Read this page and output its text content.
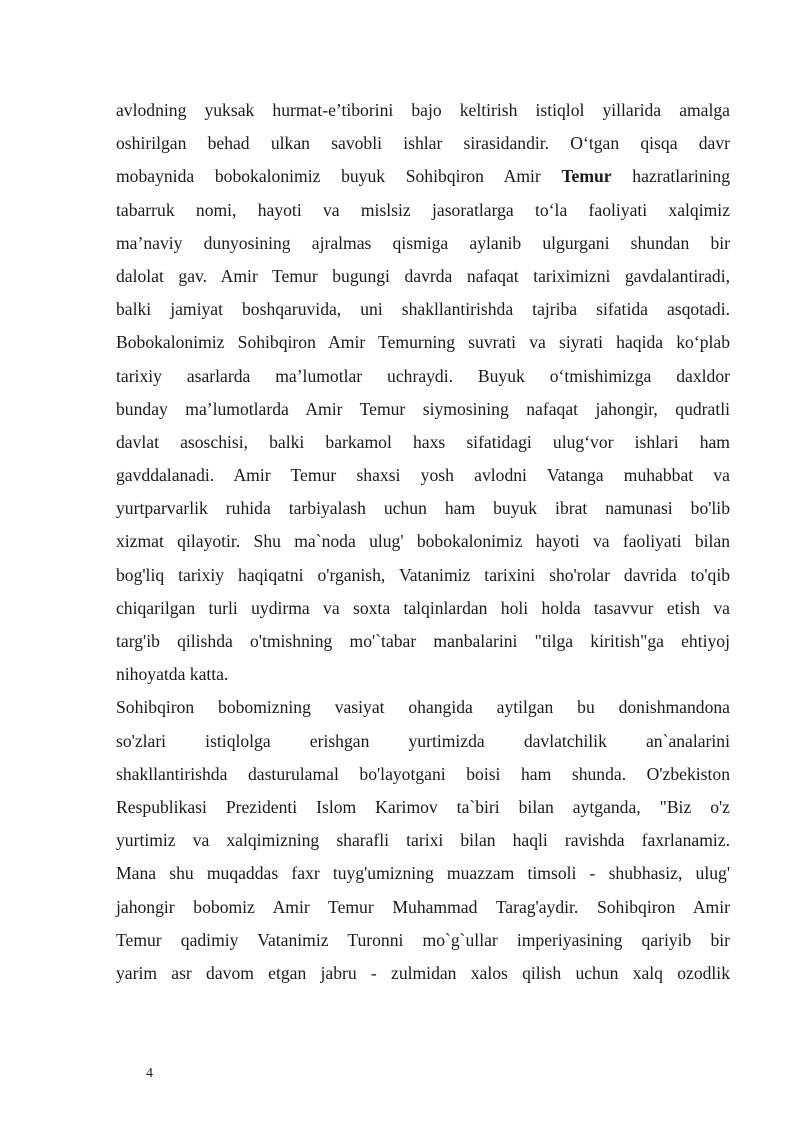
avlodning yuksak hurmat-e’tiborini bajo keltirish istiqlol yillarida amalga
oshirilgan behad ulkan savobli ishlar sirasidandir. O‘tgan qisqa davr
mobaynida bobokalonimiz buyuk Sohibqiron Amir Temur hazratlarining
tabarruk nomi, hayoti va mislsiz jasoratlarga to‘la faoliyati xalqimiz
ma’naviy dunyosining ajralmas qismiga aylanib ulgurgani shundan bir
dalolat gav. Amir Temur bugungi davrda nafaqat tariximizni gavdalantiradi,
balki jamiyat boshqaruvida, uni shakllantirishda tajriba sifatida asqotadi.
Bobokalonimiz Sohibqiron Amir Temurning suvrati va siyrati haqida ko‘plab
tarixiy asarlarda ma’lumotlar uchraydi. Buyuk o‘tmishimizga daxldor
bunday ma’lumotlarda Amir Temur siymosining nafaqat jahongir, qudratli
davlat asoschisi, balki barkamol haxs sifatidagi ulug‘vor ishlari ham
gavddalanadi. Amir Temur shaxsi yosh avlodni Vatanga muhabbat va
yurtparvarlik ruhida tarbiyalash uchun ham buyuk ibrat namunasi bo'lib
xizmat qilayotir. Shu ma`noda ulug' bobokalonimiz hayoti va faoliyati bilan
bog'liq tarixiy haqiqatni o'rganish, Vatanimiz tarixini sho'rolar davrida to'qib
chiqarilgan turli uydirma va soxta talqinlardan holi holda tasavvur etish va
targ'ib qilishda o'tmishning mo'`tabar manbalarini "tilga kiritish"ga ehtiyoj
nihoyatda katta.
Sohibqiron bobomizning vasiyat ohangida aytilgan bu donishmandona
so'zlari istiqlolga erishgan yurtimizda davlatchilik an`analarini
shakllantirishda dasturulamal bo'layotgani boisi ham shunda. O'zbekiston
Respublikasi Prezidenti Islom Karimov ta`biri bilan aytganda, "Biz o'z
yurtimiz va xalqimizning sharafli tarixi bilan haqli ravishda faxrlanamiz.
Mana shu muqaddas faxr tuyg'umizning muazzam timsoli - shubhasiz, ulug'
jahongir bobomiz Amir Temur Muhammad Tarag'aydir. Sohibqiron Amir
Temur qadimiy Vatanimiz Turonni mo`g`ullar imperiyasining qariyib bir
yarim asr davom etgan jabru - zulmidan xalos qilish uchun xalq ozodlik
4
